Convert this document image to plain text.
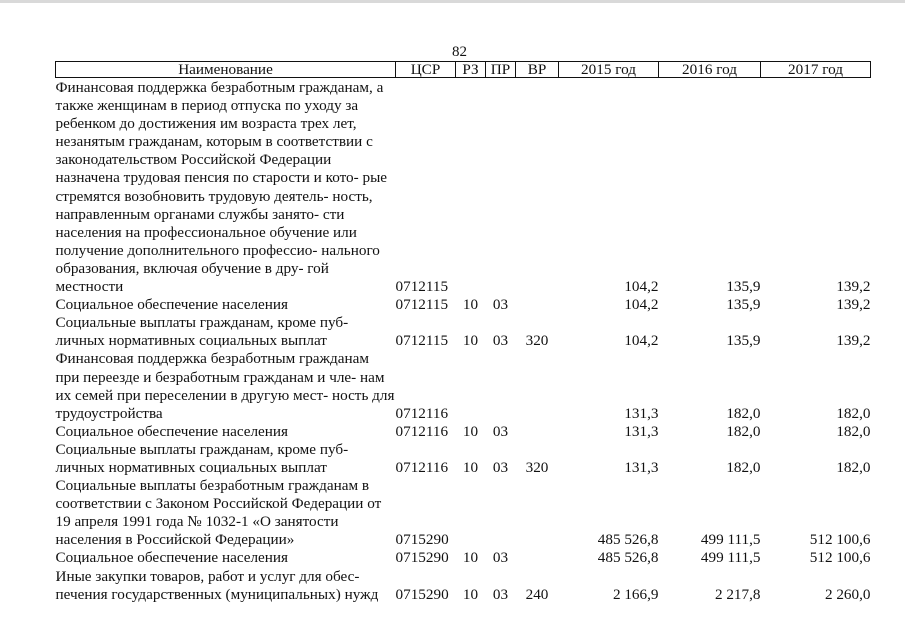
82
Наименование	ЦСР	РЗ	ПР	ВР	2015 год	2016 год	2017 год

Финансовая поддержка безработным гражданам, а также женщинам в период отпуска по уходу за ребенком до достижения им возраста трех лет, незанятым гражданам, которым в соответствии с законодательством Российской Федерации назначена трудовая пенсия по старости и кото- рые стремятся возобновить трудовую деятель- ность, направленным органами службы занято- сти населения на профессиональное обучение или получение дополнительного профессио- нального образования, включая обучение в дру- гой местности	0712115				104,2	135,9	139,2
Социальное обеспечение населения	0712115	10	03		104,2	135,9	139,2
Социальные выплаты гражданам, кроме пуб- личных нормативных социальных выплат	0712115	10	03	320	104,2	135,9	139,2
Финансовая поддержка безработным гражданам при переезде и безработным гражданам и чле- нам их семей при переселении в другую мест- ность для трудоустройства	0712116				131,3	182,0	182,0
Социальное обеспечение населения	0712116	10	03		131,3	182,0	182,0
Социальные выплаты гражданам, кроме пуб- личных нормативных социальных выплат	0712116	10	03	320	131,3	182,0	182,0
Социальные выплаты безработным гражданам в соответствии с Законом Российской Федерации от 19 апреля 1991 года № 1032-1 «О занятости населения в Российской Федерации»	0715290				485 526,8	499 111,5	512 100,6
Социальное обеспечение населения	0715290	10	03		485 526,8	499 111,5	512 100,6
Иные закупки товаров, работ и услуг для обес- печения государственных (муниципальных) нужд	0715290	10	03	240	2 166,9	2 217,8	2 260,0
